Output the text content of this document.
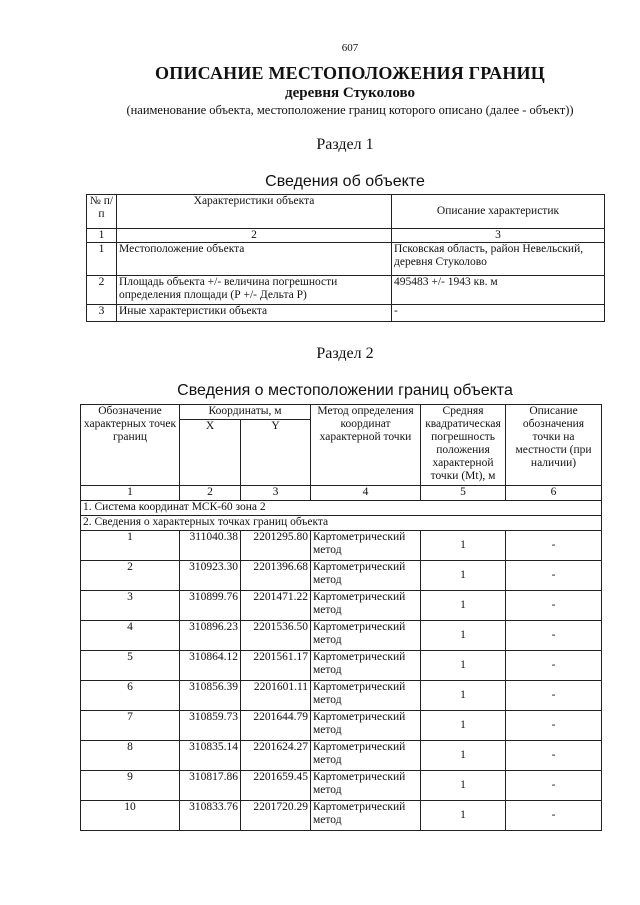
607
ОПИСАНИЕ МЕСТОПОЛОЖЕНИЯ ГРАНИЦ
деревня Стуколово
(наименование объекта, местоположение границ которого описано (далее - объект))
Раздел 1
Сведения об объекте
№ п/п	Характеристики объекта	Описание характеристик
1	2	3
1	Местоположение объекта	Псковская область, район Невельский, деревня Стуколово
2	Площадь объекта +/- величина погрешности определения площади (Р +/- Дельта Р)	495483 +/- 1943 кв. м
3	Иные характеристики объекта	-
Раздел 2
Сведения о местоположении границ объекта
Обозначение характерных точек границ	Координаты, м		Метод определения координат характерной точки	Средняя квадратическая погрешность положения характерной точки (Мt), м	Описание обозначения точки на местности (при наличии)
	X	Y			
1	2	3	4	5	6
1. Система координат МСК-60 зона 2					
2. Сведения о характерных точках границ объекта					
1	311040.38	2201295.80	Картометрический метод	1	-
2	310923.30	2201396.68	Картометрический метод	1	-
3	310899.76	2201471.22	Картометрический метод	1	-
4	310896.23	2201536.50	Картометрический метод	1	-
5	310864.12	2201561.17	Картометрический метод	1	-
6	310856.39	2201601.11	Картометрический метод	1	-
7	310859.73	2201644.79	Картометрический метод	1	-
8	310835.14	2201624.27	Картометрический метод	1	-
9	310817.86	2201659.45	Картометрический метод	1	-
10	310833.76	2201720.29	Картометрический метод	1	-
